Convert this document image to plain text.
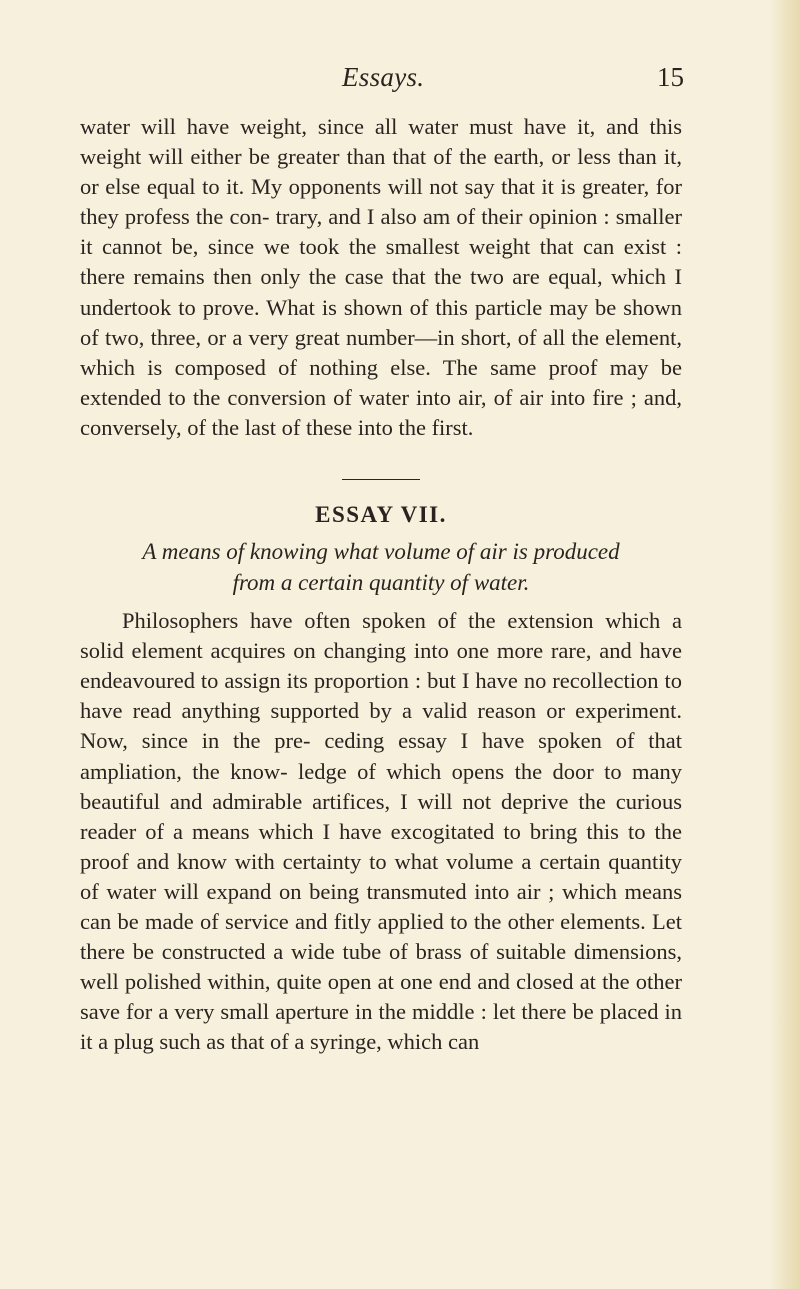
Essays.	15

water will have weight, since all water must have it, and this weight will either be greater than that of the earth, or less than it, or else equal to it. My opponents will not say that it is greater, for they profess the con- trary, and I also am of their opinion : smaller it cannot be, since we took the smallest weight that can exist : there remains then only the case that the two are equal, which I undertook to prove. What is shown of this particle may be shown of two, three, or a very great number—in short, of all the element, which is composed of nothing else. The same proof may be extended to the conversion of water into air, of air into fire ; and, conversely, of the last of these into the first.

ESSAY VII.
A means of knowing what volume of air is produced
from a certain quantity of water.

Philosophers have often spoken of the extension which a solid element acquires on changing into one more rare, and have endeavoured to assign its proportion : but I have no recollection to have read anything supported by a valid reason or experiment. Now, since in the pre- ceding essay I have spoken of that ampliation, the know- ledge of which opens the door to many beautiful and admirable artifices, I will not deprive the curious reader of a means which I have excogitated to bring this to the proof and know with certainty to what volume a certain quantity of water will expand on being transmuted into air ; which means can be made of service and fitly applied to the other elements. Let there be constructed a wide tube of brass of suitable dimensions, well polished within, quite open at one end and closed at the other save for a very small aperture in the middle : let there be placed in it a plug such as that of a syringe, which can
